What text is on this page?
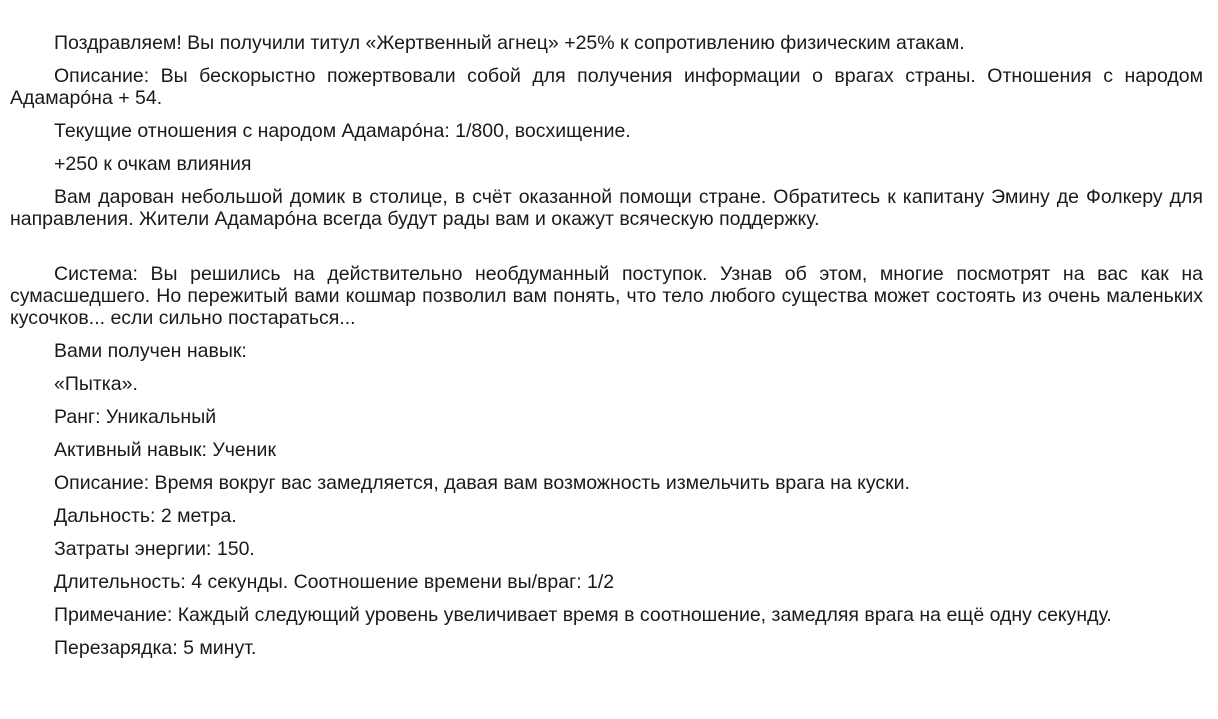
Поздравляем! Вы получили титул «Жертвенный агнец» +25% к сопротивлению физическим атакам.

Описание: Вы бескорыстно пожертвовали собой для получения информации о врагах страны. Отношения с народом Адамарóна + 54.

Текущие отношения с народом Адамарóна: 1/800, восхищение.

+250 к очкам влияния

Вам дарован небольшой домик в столице, в счёт оказанной помощи стране. Обратитесь к капитану Эмину де Фолкеру для направления. Жители Адамарóна всегда будут рады вам и окажут всяческую поддержку.

Система: Вы решились на действительно необдуманный поступок. Узнав об этом, многие посмотрят на вас как на сумасшедшего. Но пережитый вами кошмар позволил вам понять, что тело любого существа может состоять из очень маленьких кусочков... если сильно постараться...

Вами получен навык:

«Пытка».

Ранг: Уникальный

Активный навык: Ученик

Описание: Время вокруг вас замедляется, давая вам возможность измельчить врага на куски.

Дальность: 2 метра.

Затраты энергии: 150.

Длительность: 4 секунды. Соотношение времени вы/враг: 1/2

Примечание: Каждый следующий уровень увеличивает время в соотношение, замедляя врага на ещё одну секунду.

Перезарядка: 5 минут.
